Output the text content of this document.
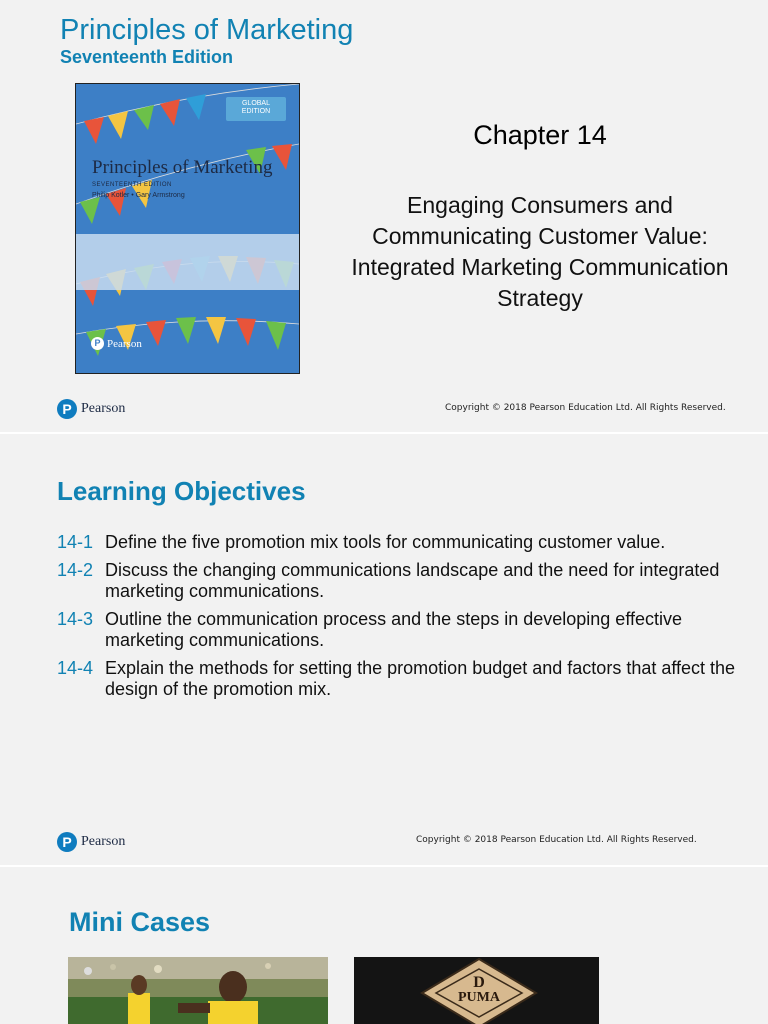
Principles of Marketing
Seventeenth Edition
GLOBAL
EDITION
Principles of Marketing
SEVENTEENTH EDITION
Philip Kotler • Gary Armstrong
P Pearson
Chapter 14
Engaging Consumers and Communicating Customer Value: Integrated Marketing Communication Strategy
P Pearson	Copyright © 2018 Pearson Education Ltd. All Rights Reserved.
Learning Objectives
14-1 Define the five promotion mix tools for communicating customer value.
14-2 Discuss the changing communications landscape and the need for integrated marketing communications.
14-3 Outline the communication process and the steps in developing effective marketing communications.
14-4 Explain the methods for setting the promotion budget and factors that affect the design of the promotion mix.
P Pearson	Copyright © 2018 Pearson Education Ltd. All Rights Reserved.
Mini Cases
PUMA
D
